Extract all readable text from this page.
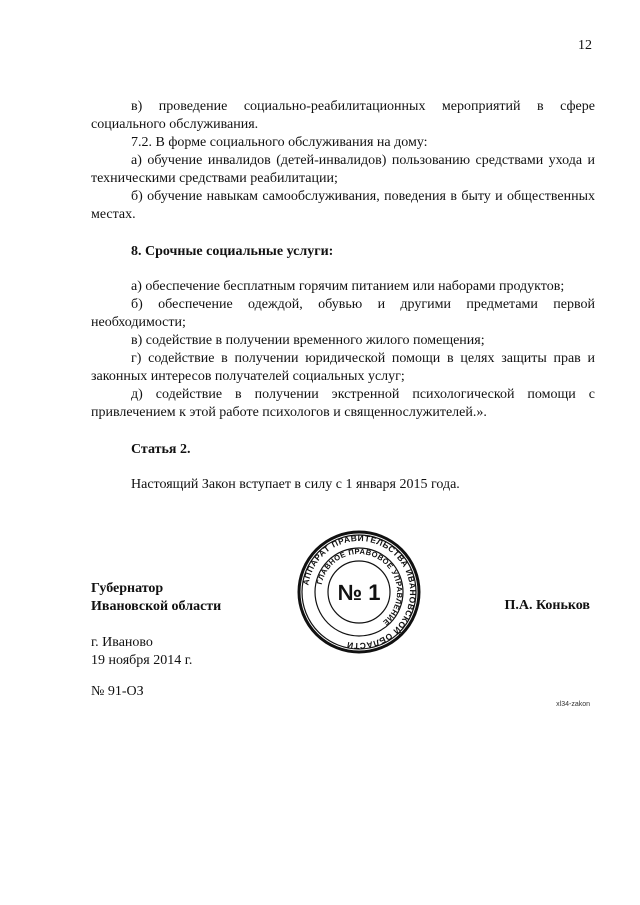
12

в) проведение социально-реабилитационных мероприятий в сфере социального обслуживания.

7.2. В форме социального обслуживания на дому:

а) обучение инвалидов (детей-инвалидов) пользованию средствами ухода и техническими средствами реабилитации;

б) обучение навыкам самообслуживания, поведения в быту и общественных местах.

8. Срочные социальные услуги:

а) обеспечение бесплатным горячим питанием или наборами продуктов;

б) обеспечение одеждой, обувью и другими предметами первой необходимости;

в) содействие в получении временного жилого помещения;

г) содействие в получении юридической помощи в целях защиты прав и законных интересов получателей социальных услуг;

д) содействие в получении экстренной психологической помощи с привлечением к этой работе психологов и священнослужителей.».

Статья 2.

Настоящий Закон вступает в силу с 1 января 2015 года.

Губернатор
Ивановской области
АППАРАТ ПРАВИТЕЛЬСТВА ИВАНОВСКОЙ ОБЛАСТИ
ГЛАВНОЕ ПРАВОВОЕ УПРАВЛЕНИЕ
№ 1
П.А. Коньков
г. Иваново
19 ноября 2014 г.
№ 91-ОЗ
xl34-zakon
